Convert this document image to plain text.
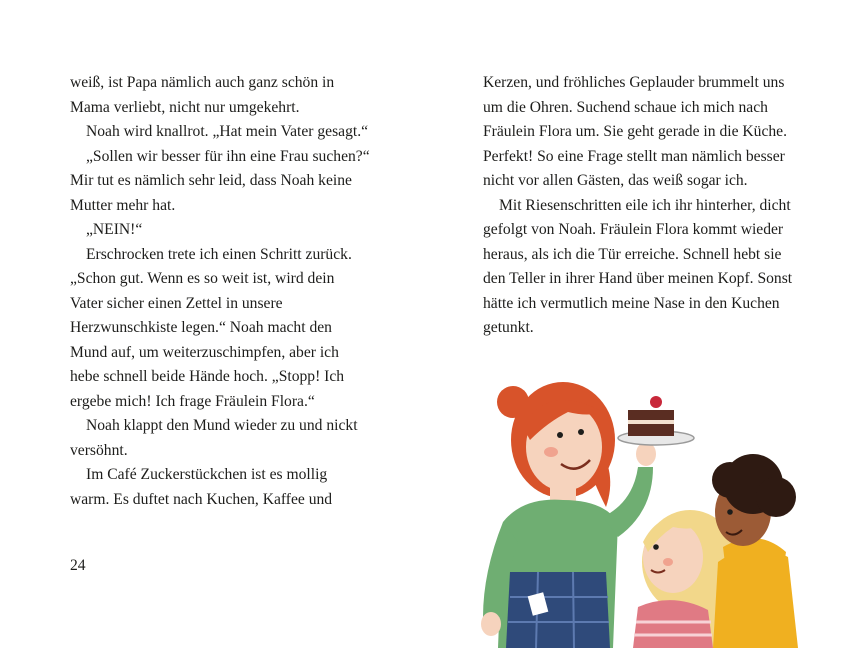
weiß, ist Papa nämlich auch ganz schön in Mama verliebt, nicht nur umgekehrt.

Noah wird knallrot. „Hat mein Vater gesagt.“

„Sollen wir besser für ihn eine Frau suchen?“ Mir tut es nämlich sehr leid, dass Noah keine Mutter mehr hat.

„NEIN!“

Erschrocken trete ich einen Schritt zurück. „Schon gut. Wenn es so weit ist, wird dein Vater sicher einen Zettel in unsere Herzwunschkiste legen.“ Noah macht den Mund auf, um weiterzuschimpfen, aber ich hebe schnell beide Hände hoch. „Stopp! Ich ergebe mich! Ich frage Fräulein Flora.“

Noah klappt den Mund wieder zu und nickt versöhnt.

Im Café Zuckerstückchen ist es mollig warm. Es duftet nach Kuchen, Kaffee und

24

Kerzen, und fröhliches Geplauder brummelt uns um die Ohren. Suchend schaue ich mich nach Fräulein Flora um. Sie geht gerade in die Küche. Perfekt! So eine Frage stellt man nämlich besser nicht vor allen Gästen, das weiß sogar ich.

Mit Riesenschritten eile ich ihr hinterher, dicht gefolgt von Noah. Fräulein Flora kommt wieder heraus, als ich die Tür erreiche. Schnell hebt sie den Teller in ihrer Hand über meinen Kopf. Sonst hätte ich vermutlich meine Nase in den Kuchen getunkt.
